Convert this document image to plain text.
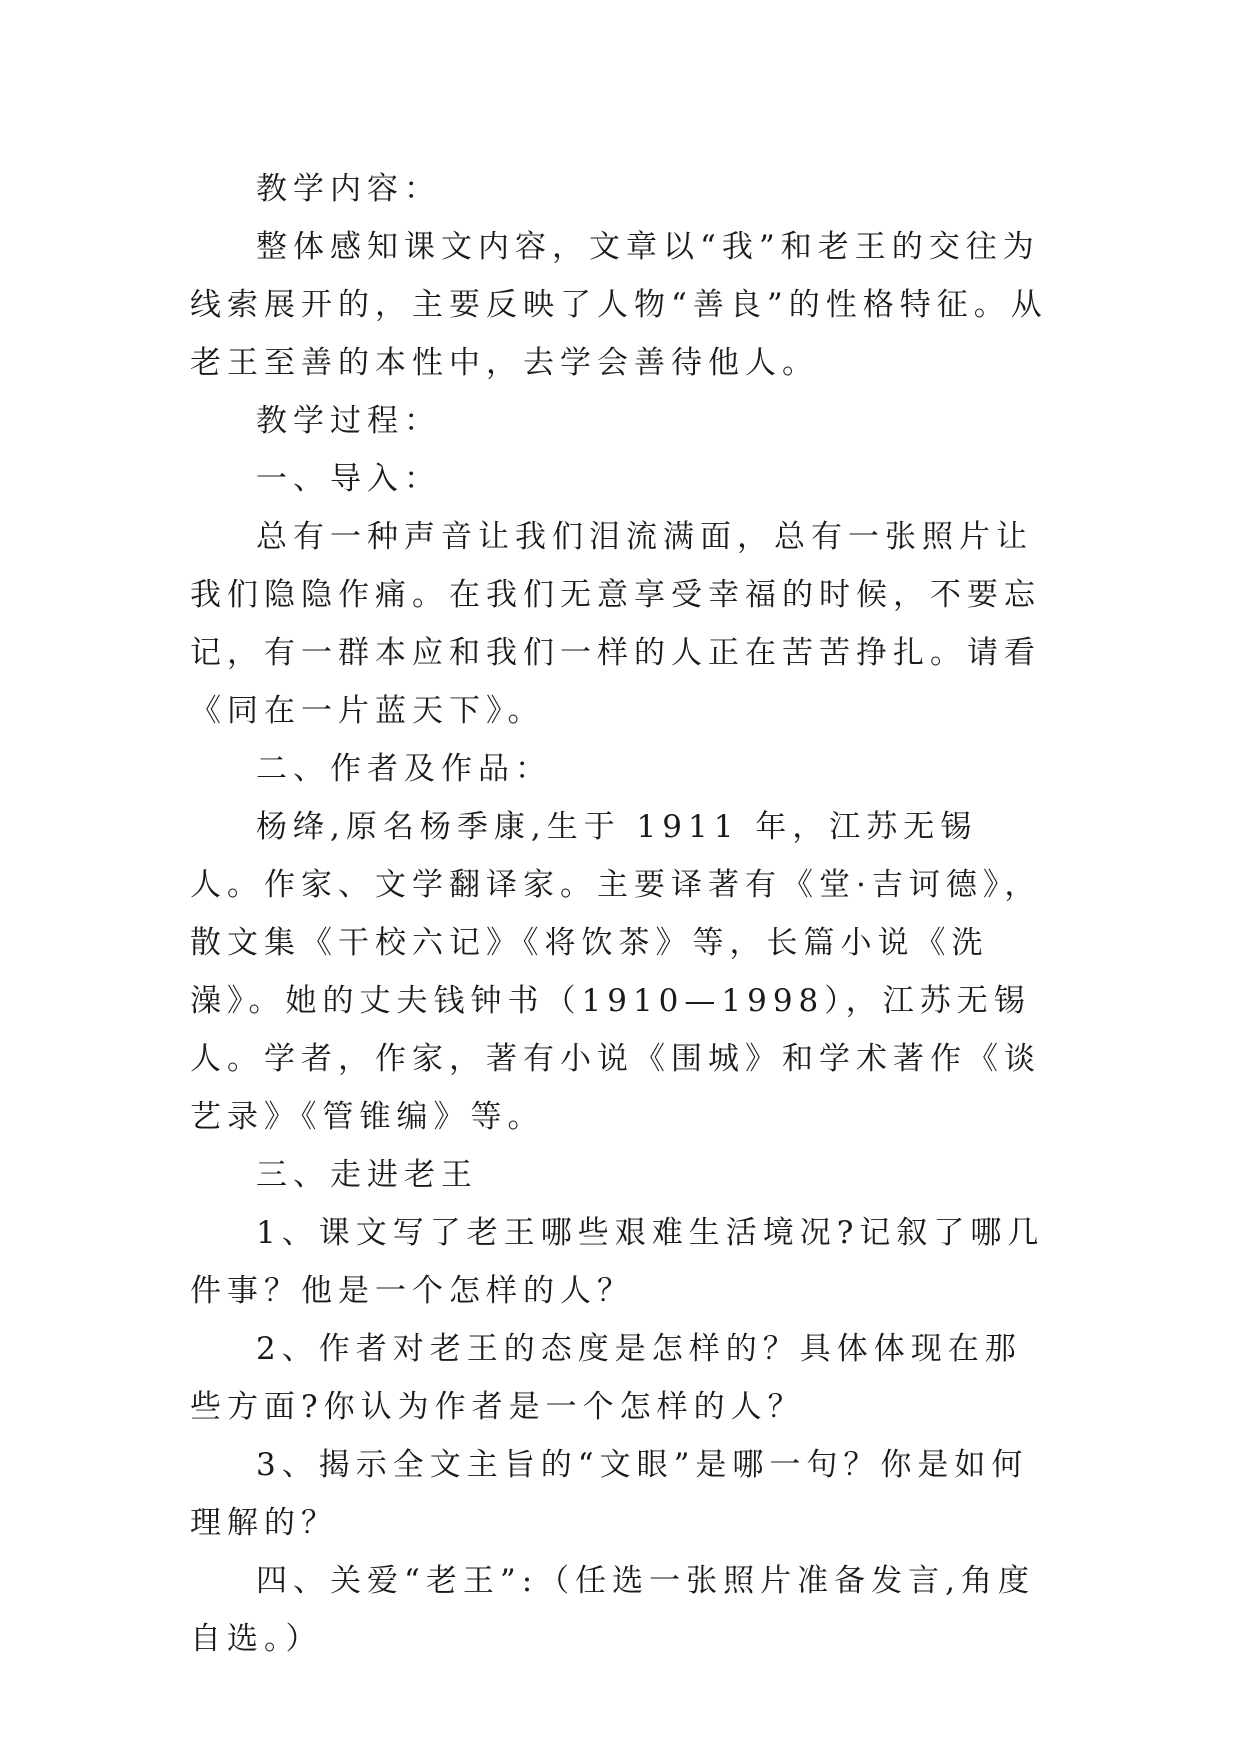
教学内容：

整体感知课文内容，文章以“我”和老王的交往为线索展开的，主要反映了人物“善良”的性格特征。从老王至善的本性中，去学会善待他人。

教学过程：

一、导入：

总有一种声音让我们泪流满面，总有一张照片让我们隐隐作痛。在我们无意享受幸福的时候，不要忘记，有一群本应和我们一样的人正在苦苦挣扎。请看《同在一片蓝天下》。

二、作者及作品：

杨绛,原名杨季康,生于 1911 年，江苏无锡人。作家、文学翻译家。主要译著有《堂·吉诃德》，散文集《干校六记》《将饮茶》等，长篇小说《洗澡》。她的丈夫钱钟书（1910—1998），江苏无锡人。学者，作家，著有小说《围城》和学术著作《谈艺录》《管锥编》等。

三、走进老王

1、课文写了老王哪些艰难生活境况?记叙了哪几件事？他是一个怎样的人？

2、作者对老王的态度是怎样的？具体体现在那些方面?你认为作者是一个怎样的人？

3、揭示全文主旨的“文眼”是哪一句？你是如何理解的？

四、关爱“老王”:（任选一张照片准备发言,角度自选。）
